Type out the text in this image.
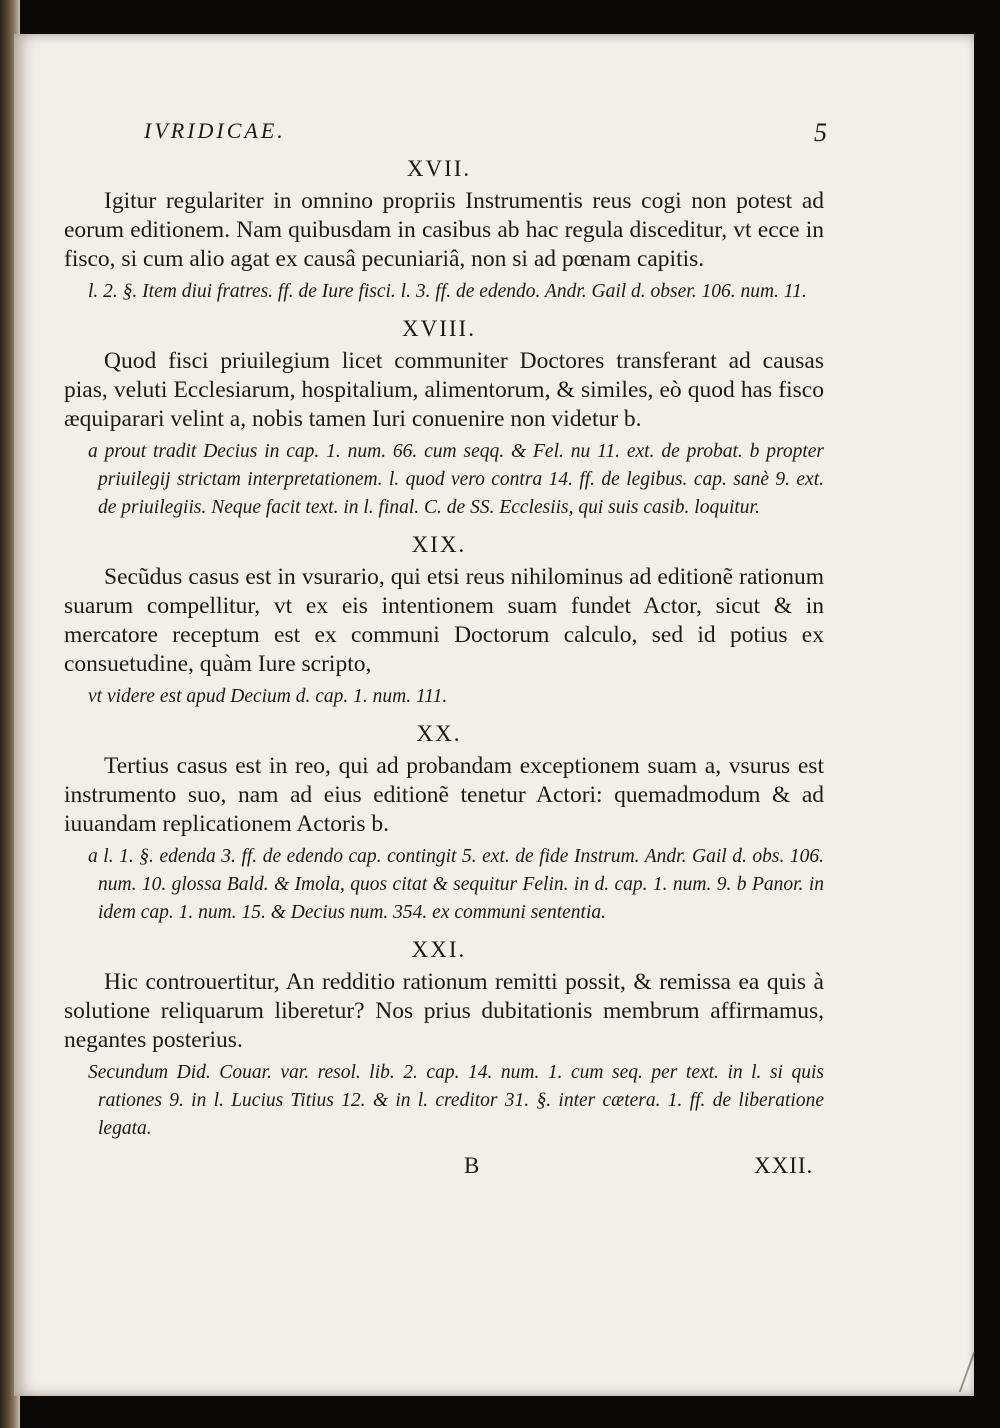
IVRIDICAE.	5
XVII.

Igitur regulariter in omnino propriis Instrumentis reus cogi non potest ad eorum editionem. Nam quibusdam in casibus ab hac regula disceditur, vt ecce in fisco, si cum alio agat ex causâ pecuniariâ, non si ad pœnam capitis.

l. 2. §. Item diui fratres. ff. de Iure fisci. l. 3. ff. de edendo. Andr. Gail d. obser. 106. num. 11.
XVIII.

Quod fisci priuilegium licet communiter Doctores transferant ad causas pias, veluti Ecclesiarum, hospitalium, alimentorum, & similes, eò quod has fisco æquiparari velint a, nobis tamen Iuri conuenire non videtur b.

a prout tradit Decius in cap. 1. num. 66. cum seqq. & Fel. nu 11. ext. de probat. b propter priuilegij strictam interpretationem. l. quod vero contra 14. ff. de legibus. cap. sanè 9. ext. de priuilegiis. Neque facit text. in l. final. C. de SS. Ecclesiis, qui suis casib. loquitur.
XIX.

Secũdus casus est in vsurario, qui etsi reus nihilominus ad editionẽ rationum suarum compellitur, vt ex eis intentionem suam fundet Actor, sicut & in mercatore receptum est ex communi Doctorum calculo, sed id potius ex consuetudine, quàm Iure scripto,

vt videre est apud Decium d. cap. 1. num. 111.
XX.

Tertius casus est in reo, qui ad probandam exceptionem suam a, vsurus est instrumento suo, nam ad eius editionẽ tenetur Actori: quemadmodum & ad iuuandam replicationem Actoris b.

a l. 1. §. edenda 3. ff. de edendo cap. contingit 5. ext. de fide Instrum. Andr. Gail d. obs. 106. num. 10. glossa Bald. & Imola, quos citat & sequitur Felin. in d. cap. 1. num. 9. b Panor. in idem cap. 1. num. 15. & Decius num. 354. ex communi sententia.
XXI.

Hic controuertitur, An redditio rationum remitti possit, & remissa ea quis à solutione reliquarum liberetur? Nos prius dubitationis membrum affirmamus, negantes posterius.

Secundum Did. Couar. var. resol. lib. 2. cap. 14. num. 1. cum seq. per text. in l. si quis rationes 9. in l. Lucius Titius 12. & in l. creditor 31. §. inter cætera. 1. ff. de liberatione legata.
B	XXII.
